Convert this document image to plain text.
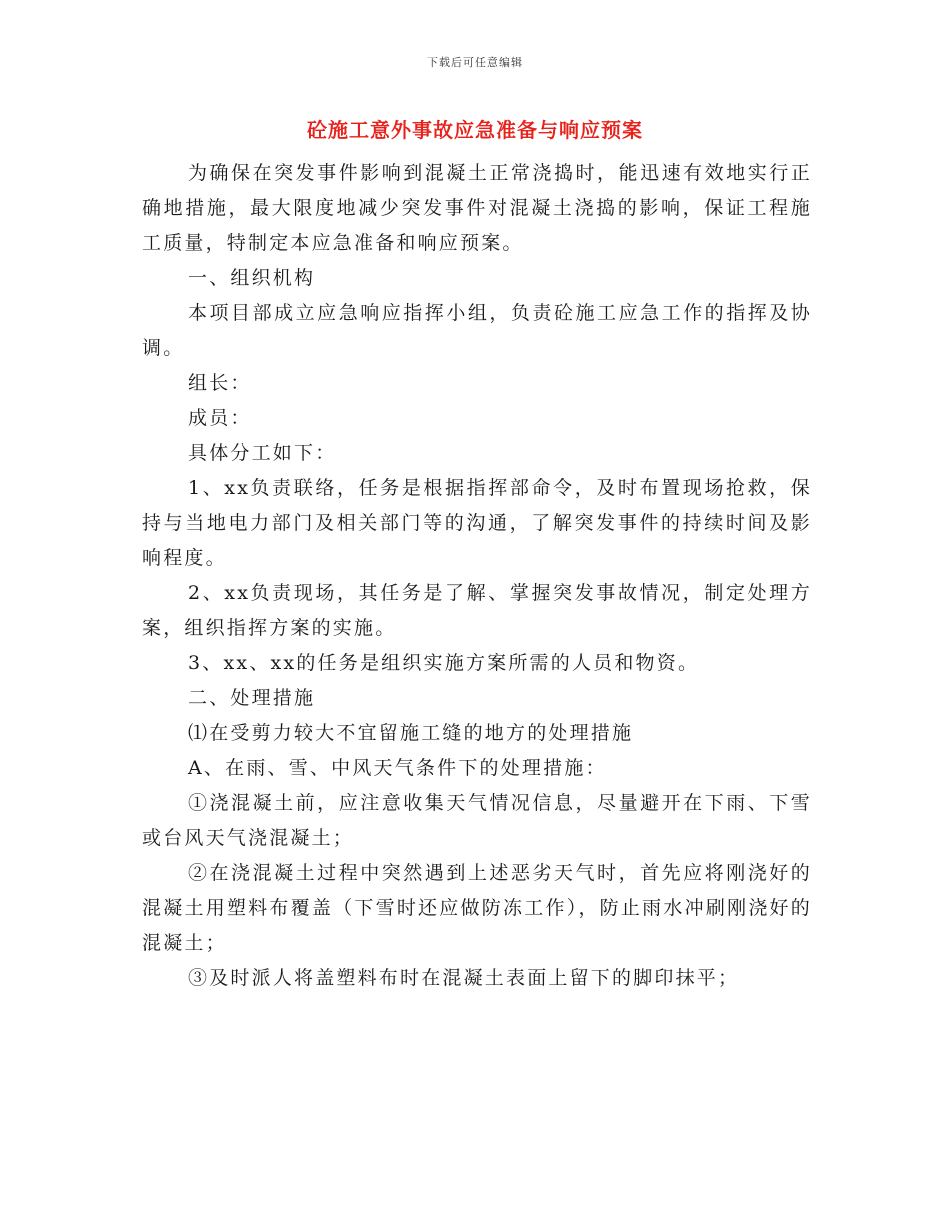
下载后可任意编辑
砼施工意外事故应急准备与响应预案

为确保在突发事件影响到混凝土正常浇捣时，能迅速有效地实行正确地措施，最大限度地减少突发事件对混凝土浇捣的影响，保证工程施工质量，特制定本应急准备和响应预案。

一、组织机构

本项目部成立应急响应指挥小组，负责砼施工应急工作的指挥及协调。

组长：

成员：

具体分工如下：

1、xx负责联络，任务是根据指挥部命令，及时布置现场抢救，保持与当地电力部门及相关部门等的沟通，了解突发事件的持续时间及影响程度。

2、xx负责现场，其任务是了解、掌握突发事故情况，制定处理方案，组织指挥方案的实施。

3、xx、xx的任务是组织实施方案所需的人员和物资。

二、处理措施

⑴在受剪力较大不宜留施工缝的地方的处理措施

A、在雨、雪、中风天气条件下的处理措施：

①浇混凝土前，应注意收集天气情况信息，尽量避开在下雨、下雪或台风天气浇混凝土；

②在浇混凝土过程中突然遇到上述恶劣天气时，首先应将刚浇好的混凝土用塑料布覆盖（下雪时还应做防冻工作），防止雨水冲刷刚浇好的混凝土；

③及时派人将盖塑料布时在混凝土表面上留下的脚印抹平；
